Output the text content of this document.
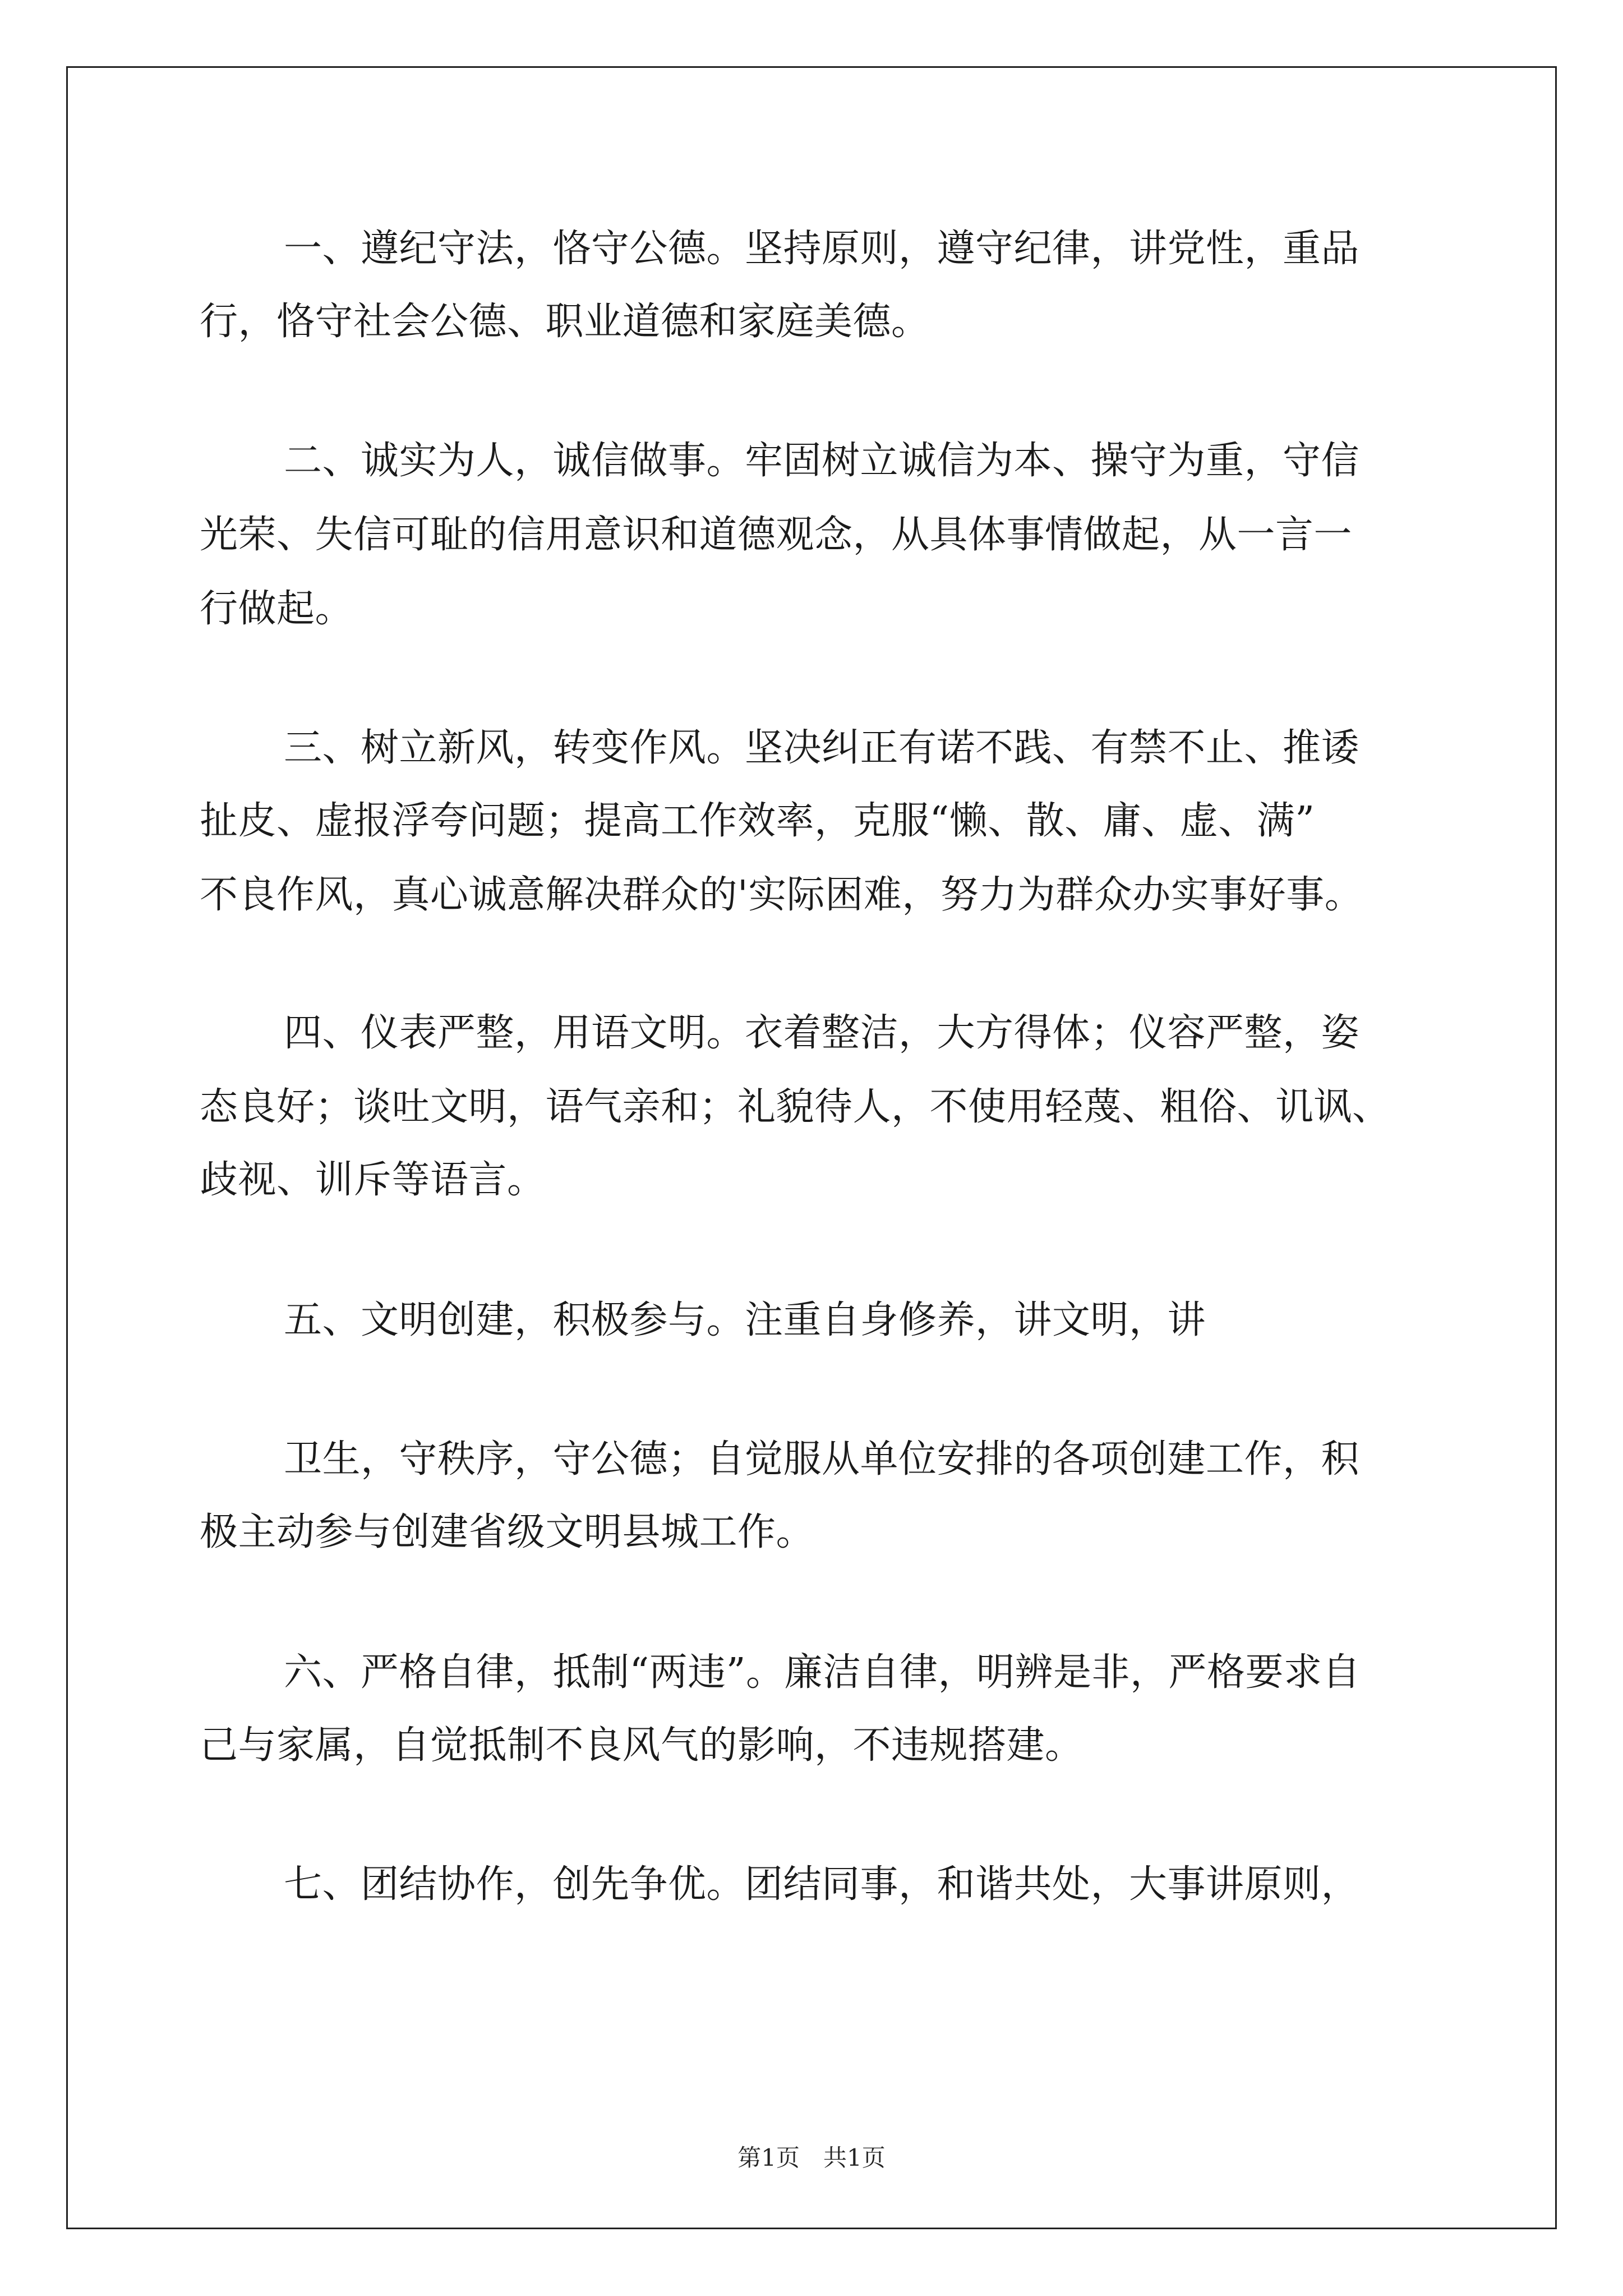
一、遵纪守法，恪守公德。坚持原则，遵守纪律，讲党性，重品
行，恪守社会公德、职业道德和家庭美德。
二、诚实为人，诚信做事。牢固树立诚信为本、操守为重，守信
光荣、失信可耻的信用意识和道德观念，从具体事情做起，从一言一
行做起。
三、树立新风，转变作风。坚决纠正有诺不践、有禁不止、推诿
扯皮、虚报浮夸问题；提高工作效率，克服“懒、散、庸、虚、满”
不良作风，真心诚意解决群众的'实际困难，努力为群众办实事好事。
四、仪表严整，用语文明。衣着整洁，大方得体；仪容严整，姿
态良好；谈吐文明，语气亲和；礼貌待人，不使用轻蔑、粗俗、讥讽、
歧视、训斥等语言。
五、文明创建，积极参与。注重自身修养，讲文明，讲
卫生，守秩序，守公德；自觉服从单位安排的各项创建工作，积
极主动参与创建省级文明县城工作。
六、严格自律，抵制“两违”。廉洁自律，明辨是非，严格要求自
己与家属，自觉抵制不良风气的影响，不违规搭建。
七、团结协作，创先争优。团结同事，和谐共处，大事讲原则，
第1页　共1页
